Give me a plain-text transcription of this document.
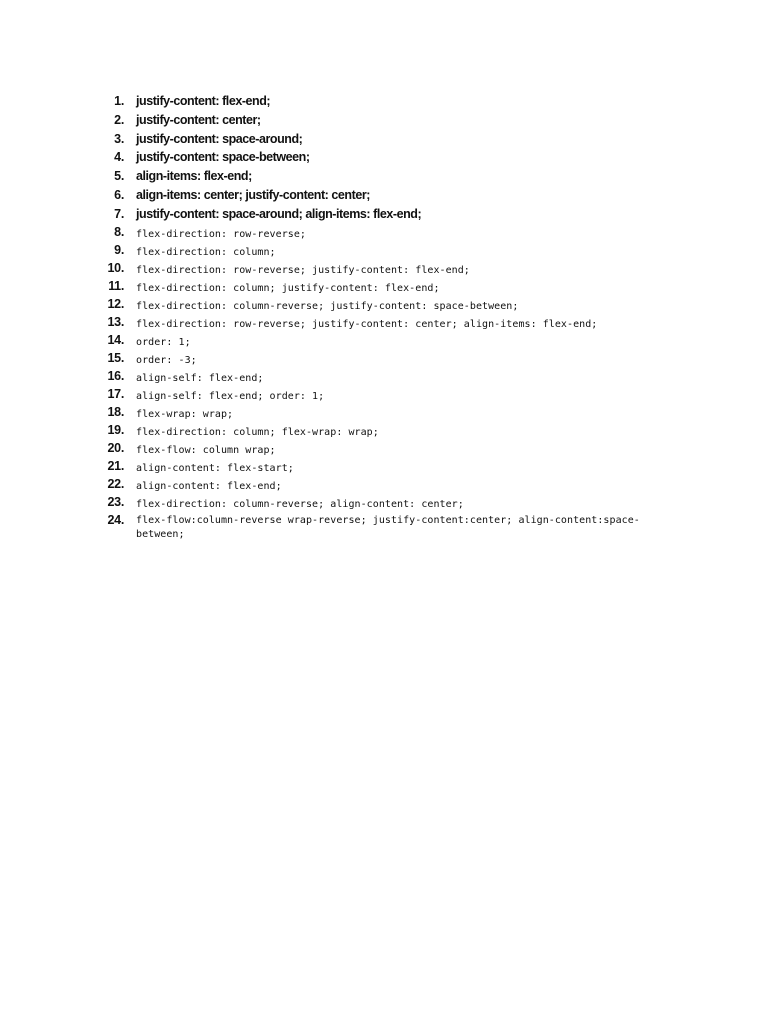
1. justify-content: flex-end;
2. justify-content: center;
3. justify-content: space-around;
4. justify-content: space-between;
5. align-items: flex-end;
6. align-items: center; justify-content: center;
7. justify-content: space-around; align-items: flex-end;
8. flex-direction: row-reverse;
9. flex-direction: column;
10. flex-direction: row-reverse; justify-content: flex-end;
11. flex-direction: column; justify-content: flex-end;
12. flex-direction: column-reverse; justify-content: space-between;
13. flex-direction: row-reverse; justify-content: center; align-items: flex-end;
14. order: 1;
15. order: -3;
16. align-self: flex-end;
17. align-self: flex-end; order: 1;
18. flex-wrap: wrap;
19. flex-direction: column; flex-wrap: wrap;
20. flex-flow: column wrap;
21. align-content: flex-start;
22. align-content: flex-end;
23. flex-direction: column-reverse; align-content: center;
24. flex-flow:column-reverse wrap-reverse; justify-content:center; align-content:space-between;
